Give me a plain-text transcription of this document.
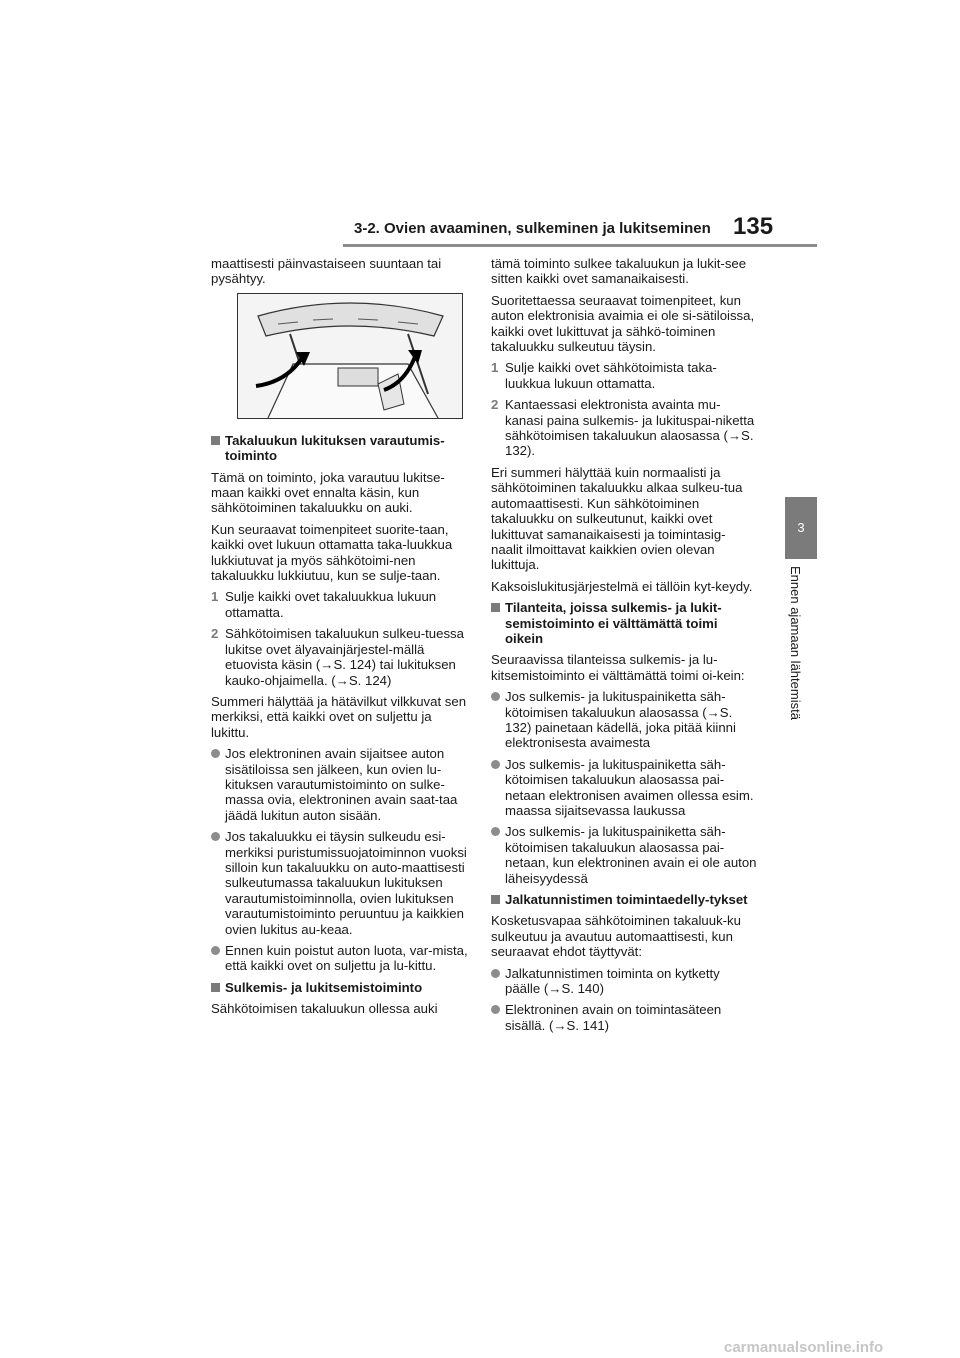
3-2. Ovien avaaminen, sulkeminen ja lukitseminen 135
3
Ennen ajamaan lähtemistä
maattisesti päinvastaiseen suuntaan tai pysähtyy.
Takaluukun lukituksen varautumis-toiminto
Tämä on toiminto, joka varautuu lukitse-maan kaikki ovet ennalta käsin, kun sähkötoiminen takaluukku on auki.
Kun seuraavat toimenpiteet suorite-taan, kaikki ovet lukuun ottamatta taka-luukkua lukkiutuvat ja myös sähkötoimi-nen takaluukku lukkiutuu, kun se sulje-taan.
1 Sulje kaikki ovet takaluukkua lukuun ottamatta.
2 Sähkötoimisen takaluukun sulkeu-tuessa lukitse ovet älyavainjärjestel-mällä etuovista käsin (→S. 124) tai lukituksen kauko-ohjaimella. (→S. 124)
Summeri hälyttää ja hätävilkut vilkkuvat sen merkiksi, että kaikki ovet on suljettu ja lukittu.
Jos elektroninen avain sijaitsee auton sisätiloissa sen jälkeen, kun ovien lu-kituksen varautumistoiminto on sulke-massa ovia, elektroninen avain saat-taa jäädä lukitun auton sisään.
Jos takaluukku ei täysin sulkeudu esi-merkiksi puristumissuojatoiminnon vuoksi silloin kun takaluukku on auto-maattisesti sulkeutumassa takaluukun lukituksen varautumistoiminnolla, ovien lukituksen varautumistoiminto peruuntuu ja kaikkien ovien lukitus au-keaa.
Ennen kuin poistut auton luota, var-mista, että kaikki ovet on suljettu ja lu-kittu.
Sulkemis- ja lukitsemistoiminto
Sähkötoimisen takaluukun ollessa auki
tämä toiminto sulkee takaluukun ja lukit-see sitten kaikki ovet samanaikaisesti.
Suoritettaessa seuraavat toimenpiteet, kun auton elektronisia avaimia ei ole si-sätiloissa, kaikki ovet lukittuvat ja sähkö-toiminen takaluukku sulkeutuu täysin.
1 Sulje kaikki ovet sähkötoimista taka-luukkua lukuun ottamatta.
2 Kantaessasi elektronista avainta mu-kanasi paina sulkemis- ja lukituspai-niketta sähkötoimisen takaluukun alaosassa (→S. 132).
Eri summeri hälyttää kuin normaalisti ja sähkötoiminen takaluukku alkaa sulkeu-tua automaattisesti. Kun sähkötoiminen takaluukku on sulkeutunut, kaikki ovet lukittuvat samanaikaisesti ja toimintasig-naalit ilmoittavat kaikkien ovien olevan lukittuja.
Kaksoislukitusjärjestelmä ei tällöin kyt-keydy.
Tilanteita, joissa sulkemis- ja lukit-semistoiminto ei välttämättä toimi oikein
Seuraavissa tilanteissa sulkemis- ja lu-kitsemistoiminto ei välttämättä toimi oi-kein:
Jos sulkemis- ja lukituspainiketta säh-kötoimisen takaluukun alaosassa (→S. 132) painetaan kädellä, joka pitää kiinni elektronisesta avaimesta
Jos sulkemis- ja lukituspainiketta säh-kötoimisen takaluukun alaosassa pai-netaan elektronisen avaimen ollessa esim. maassa sijaitsevassa laukussa
Jos sulkemis- ja lukituspainiketta säh-kötoimisen takaluukun alaosassa pai-netaan, kun elektroninen avain ei ole auton läheisyydessä
Jalkatunnistimen toimintaedelly-tykset
Kosketusvapaa sähkötoiminen takaluuk-ku sulkeutuu ja avautuu automaattisesti, kun seuraavat ehdot täyttyvät:
Jalkatunnistimen toiminta on kytketty päälle (→S. 140)
Elektroninen avain on toimintasäteen sisällä. (→S. 141)
carmanualsonline.info
